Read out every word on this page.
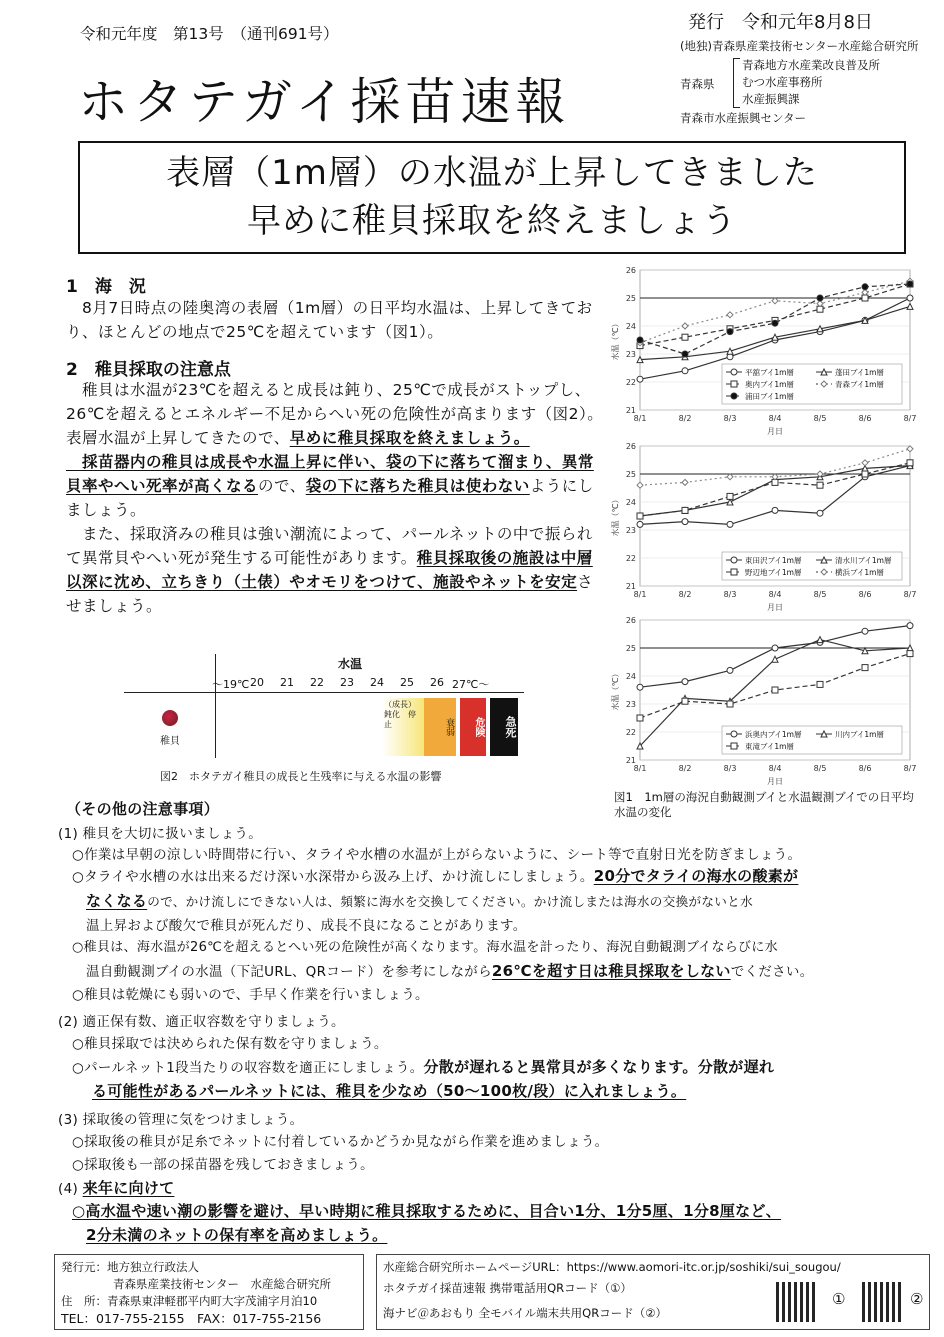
令和元年度　第13号　（通刊691号）
発行　令和元年8月8日
(地独)青森県産業技術センター水産総合研究所
青森県
青森地方水産業改良普及所
むつ水産事務所
水産振興課
青森市水産振興センター
ホタテガイ採苗速報
表層（1m層）の水温が上昇してきました
早めに稚貝採取を終えましょう
1　海　況
　8月7日時点の陸奥湾の表層（1m層）の日平均水温は、上昇してきており、ほとんどの地点で25℃を超えています（図1）。
2　稚貝採取の注意点
　稚貝は水温が23℃を超えると成長は鈍り、25℃で成長がストップし、26℃を超えるとエネルギー不足からへい死の危険性が高まります（図2）。表層水温が上昇してきたので、早めに稚貝採取を終えましょう。
　採苗器内の稚貝は成長や水温上昇に伴い、袋の下に落ちて溜まり、異常貝率やへい死率が高くなるので、袋の下に落ちた稚貝は使わないようにしましょう。
　また、採取済みの稚貝は強い潮流によって、パールネットの中で振られて異常貝やへい死が発生する可能性があります。稚貝採取後の施設は中層以深に沈め、立ちきり（土俵）やオモリをつけて、施設やネットを安定させましょう。
水温
～19℃ 20 21 22 23 24 25 26 27℃～
稚貝
（成長）鈍化　停止	衰弱	危険	急死
図2　ホタテガイ稚貝の成長と生残率に与える水温の影響
21
22
23
24
25
26
8/1	8/2	8/3	8/4	8/5	8/6	8/7
月日
水温（℃）
平舘ブイ1m層	蓬田ブイ1m層
奥内ブイ1m層	青森ブイ1m層
浦田ブイ1m層
21
22
23
24
25
26
8/1	8/2	8/3	8/4	8/5	8/6	8/7
月日
水温（℃）
東田沢ブイ1m層	清水川ブイ1m層
野辺地ブイ1m層	横浜ブイ1m層
21
22
23
24
25
26
8/1	8/2	8/3	8/4	8/5	8/6	8/7
月日
水温（℃）
浜奥内ブイ1m層	川内ブイ1m層
東滝ブイ1m層
図1　1m層の海況自動観測ブイと水温観測ブイでの日平均水温の変化
（その他の注意事項）
(1) 稚貝を大切に扱いましょう。
○作業は早朝の涼しい時間帯に行い、タライや水槽の水温が上がらないように、シート等で直射日光を防ぎましょう。
○タライや水槽の水は出来るだけ深い水深帯から汲み上げ、かけ流しにしましょう。20分でタライの海水の酸素が
なくなるので、かけ流しにできない人は、頻繁に海水を交換してください。かけ流しまたは海水の交換がないと水
温上昇および酸欠で稚貝が死んだり、成長不良になることがあります。
○稚貝は、海水温が26℃を超えるとへい死の危険性が高くなります。海水温を計ったり、海況自動観測ブイならびに水
温自動観測ブイの水温（下記URL、QRコード）を参考にしながら26℃を超す日は稚貝採取をしないでください。
○稚貝は乾燥にも弱いので、手早く作業を行いましょう。
(2) 適正保有数、適正収容数を守りましょう。
○稚貝採取では決められた保有数を守りましょう。
○パールネット1段当たりの収容数を適正にしましょう。分散が遅れると異常貝が多くなります。分散が遅れ
る可能性があるパールネットには、稚貝を少なめ（50～100枚/段）に入れましょう。
(3) 採取後の管理に気をつけましょう。
○採取後の稚貝が足糸でネットに付着しているかどうか見ながら作業を進めましょう。
○採取後も一部の採苗器を残しておきましょう。
(4) 来年に向けて
○高水温や速い潮の影響を避け、早い時期に稚貝採取するために、目合い1分、1分5厘、1分8厘など、
2分未満のネットの保有率を高めましょう。
発行元：地方独立行政法人
青森県産業技術センター　水産総合研究所
住　所：青森県東津軽郡平内町大字茂浦字月泊10
TEL：017-755-2155　FAX：017-755-2156
水産総合研究所ホームページURL：https://www.aomori-itc.or.jp/soshiki/sui_sougou/
ホタテガイ採苗速報 携帯電話用QRコード（①）
海ナビ＠あおもり 全モバイル端末共用QRコード（②）
①	②
